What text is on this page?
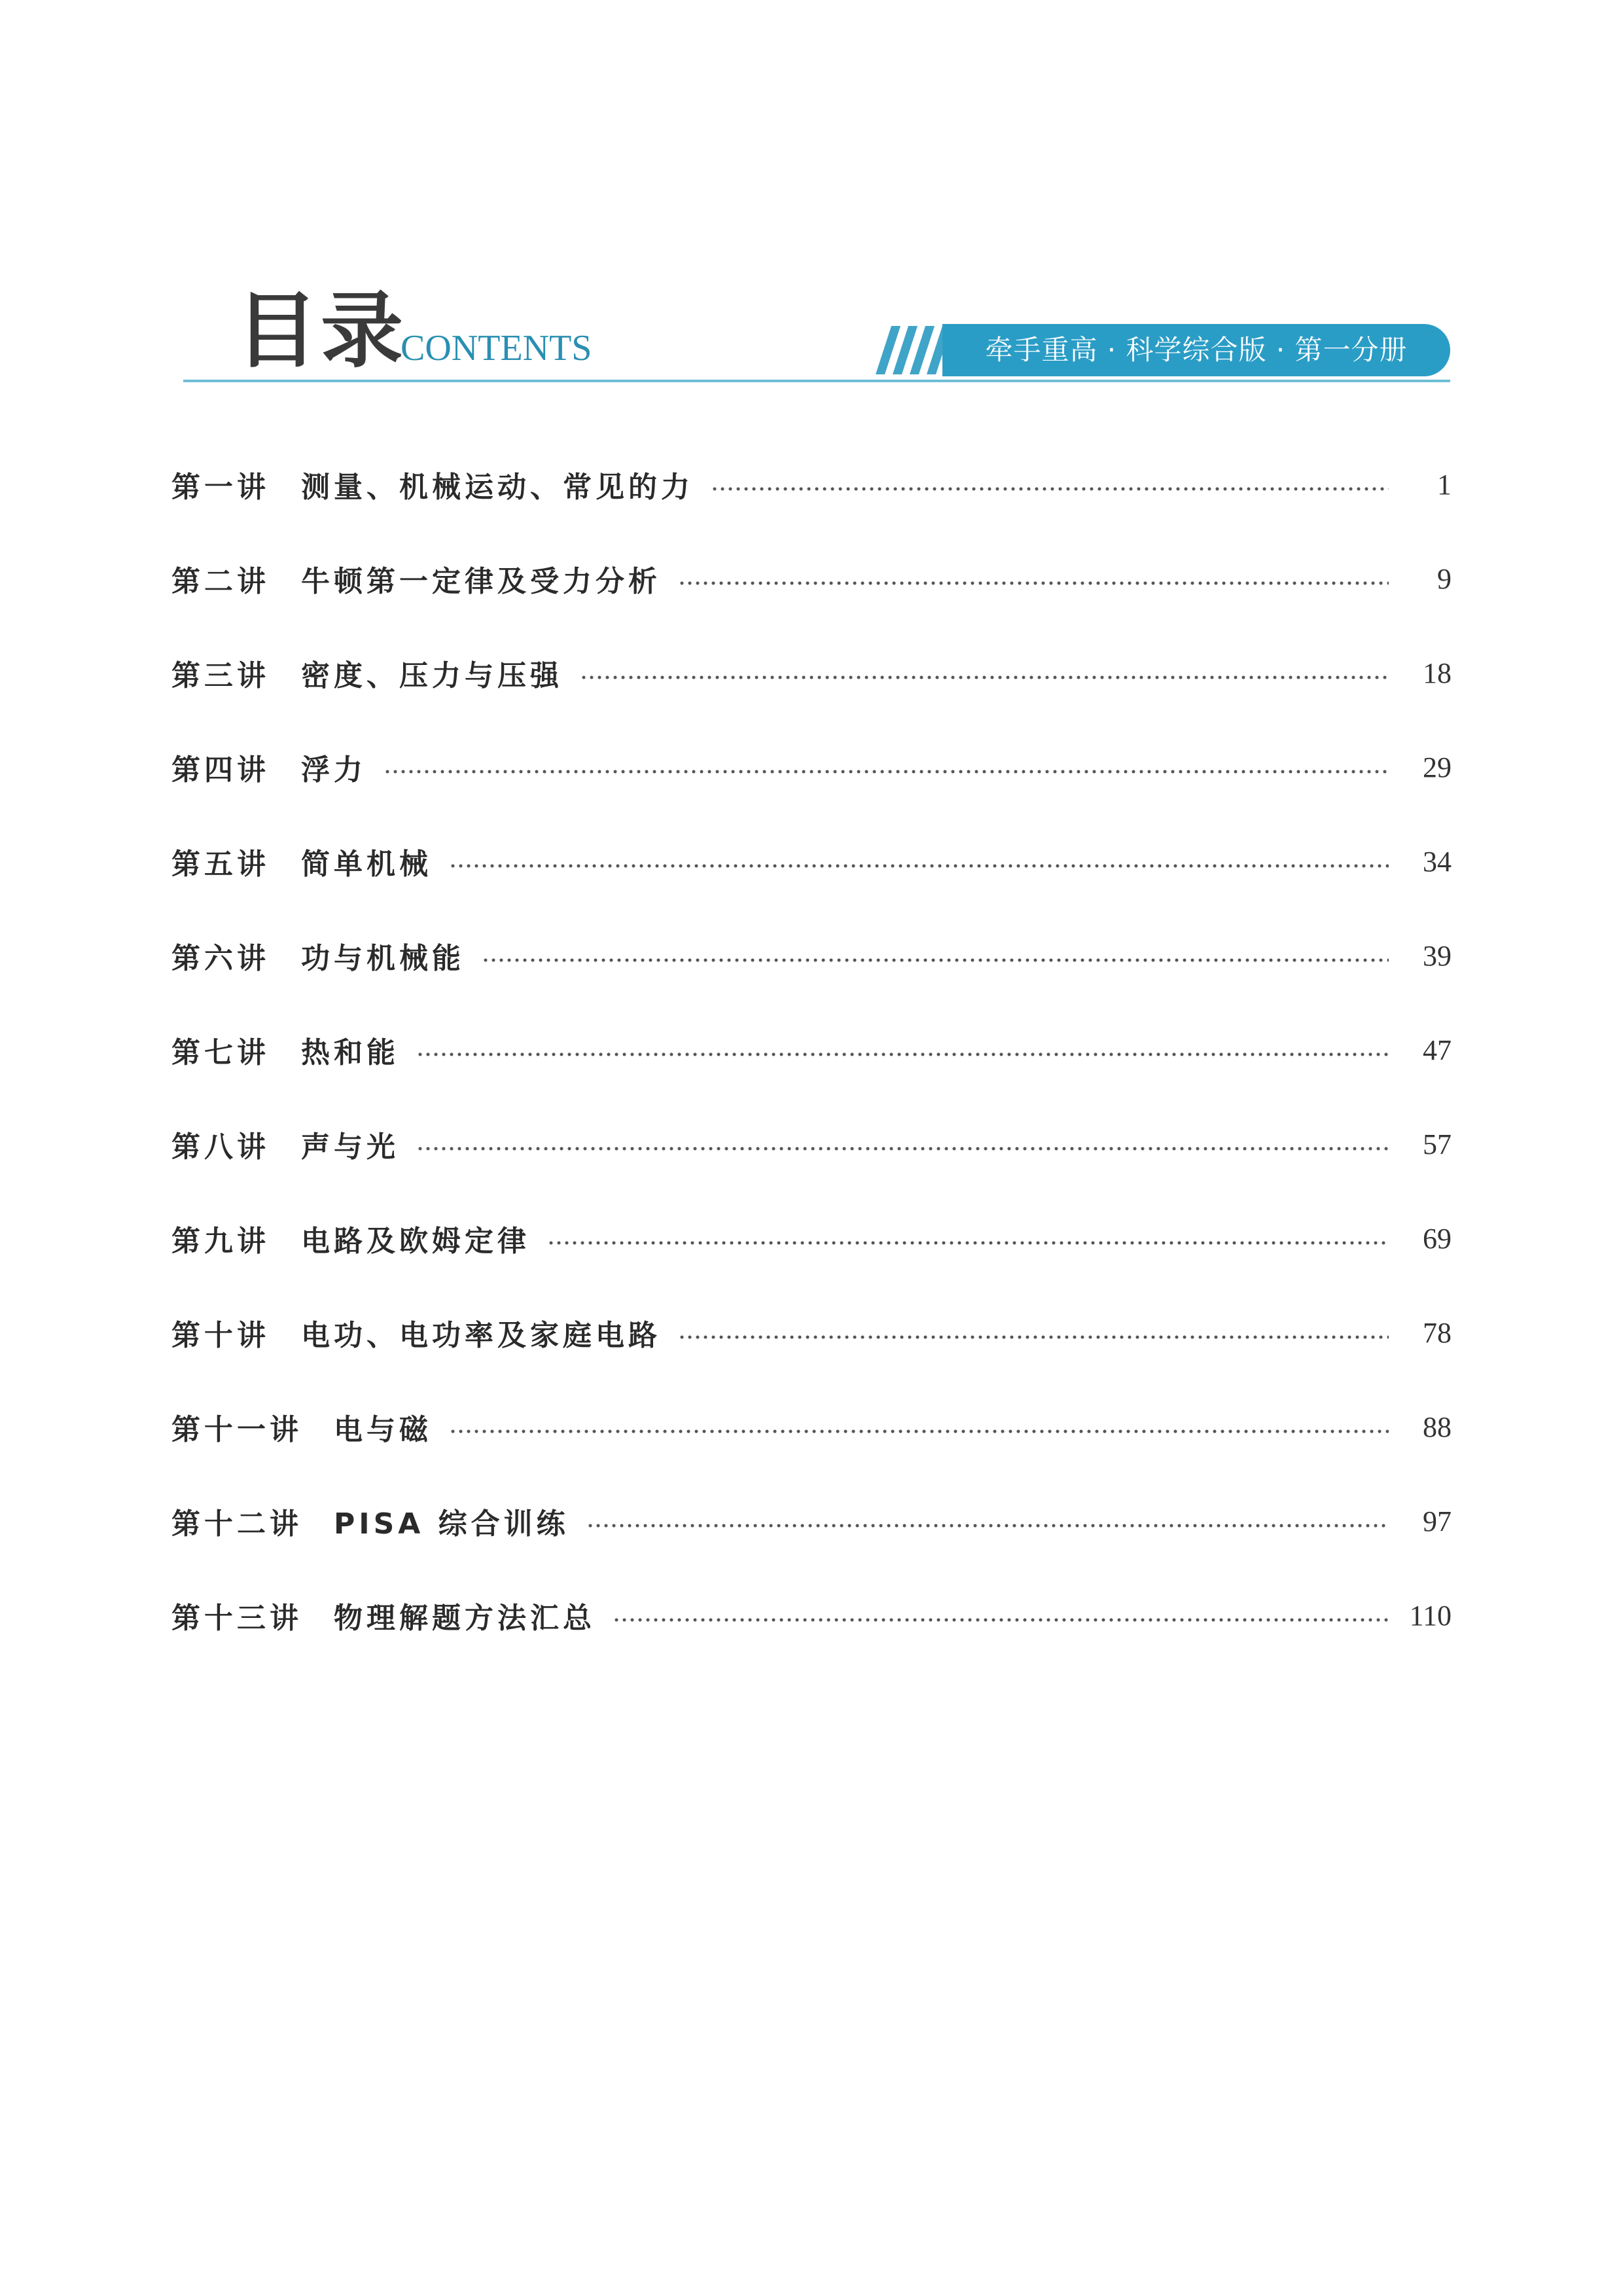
目录
CONTENTS	牵手重高 · 科学综合版 · 第一分册
第一讲 测量、机械运动、常见的力	1
第二讲 牛顿第一定律及受力分析	9
第三讲 密度、压力与压强	18
第四讲 浮力	29
第五讲 简单机械	34
第六讲 功与机械能	39
第七讲 热和能	47
第八讲 声与光	57
第九讲 电路及欧姆定律	69
第十讲 电功、电功率及家庭电路	78
第十一讲 电与磁	88
第十二讲 PISA 综合训练	97
第十三讲 物理解题方法汇总	110
